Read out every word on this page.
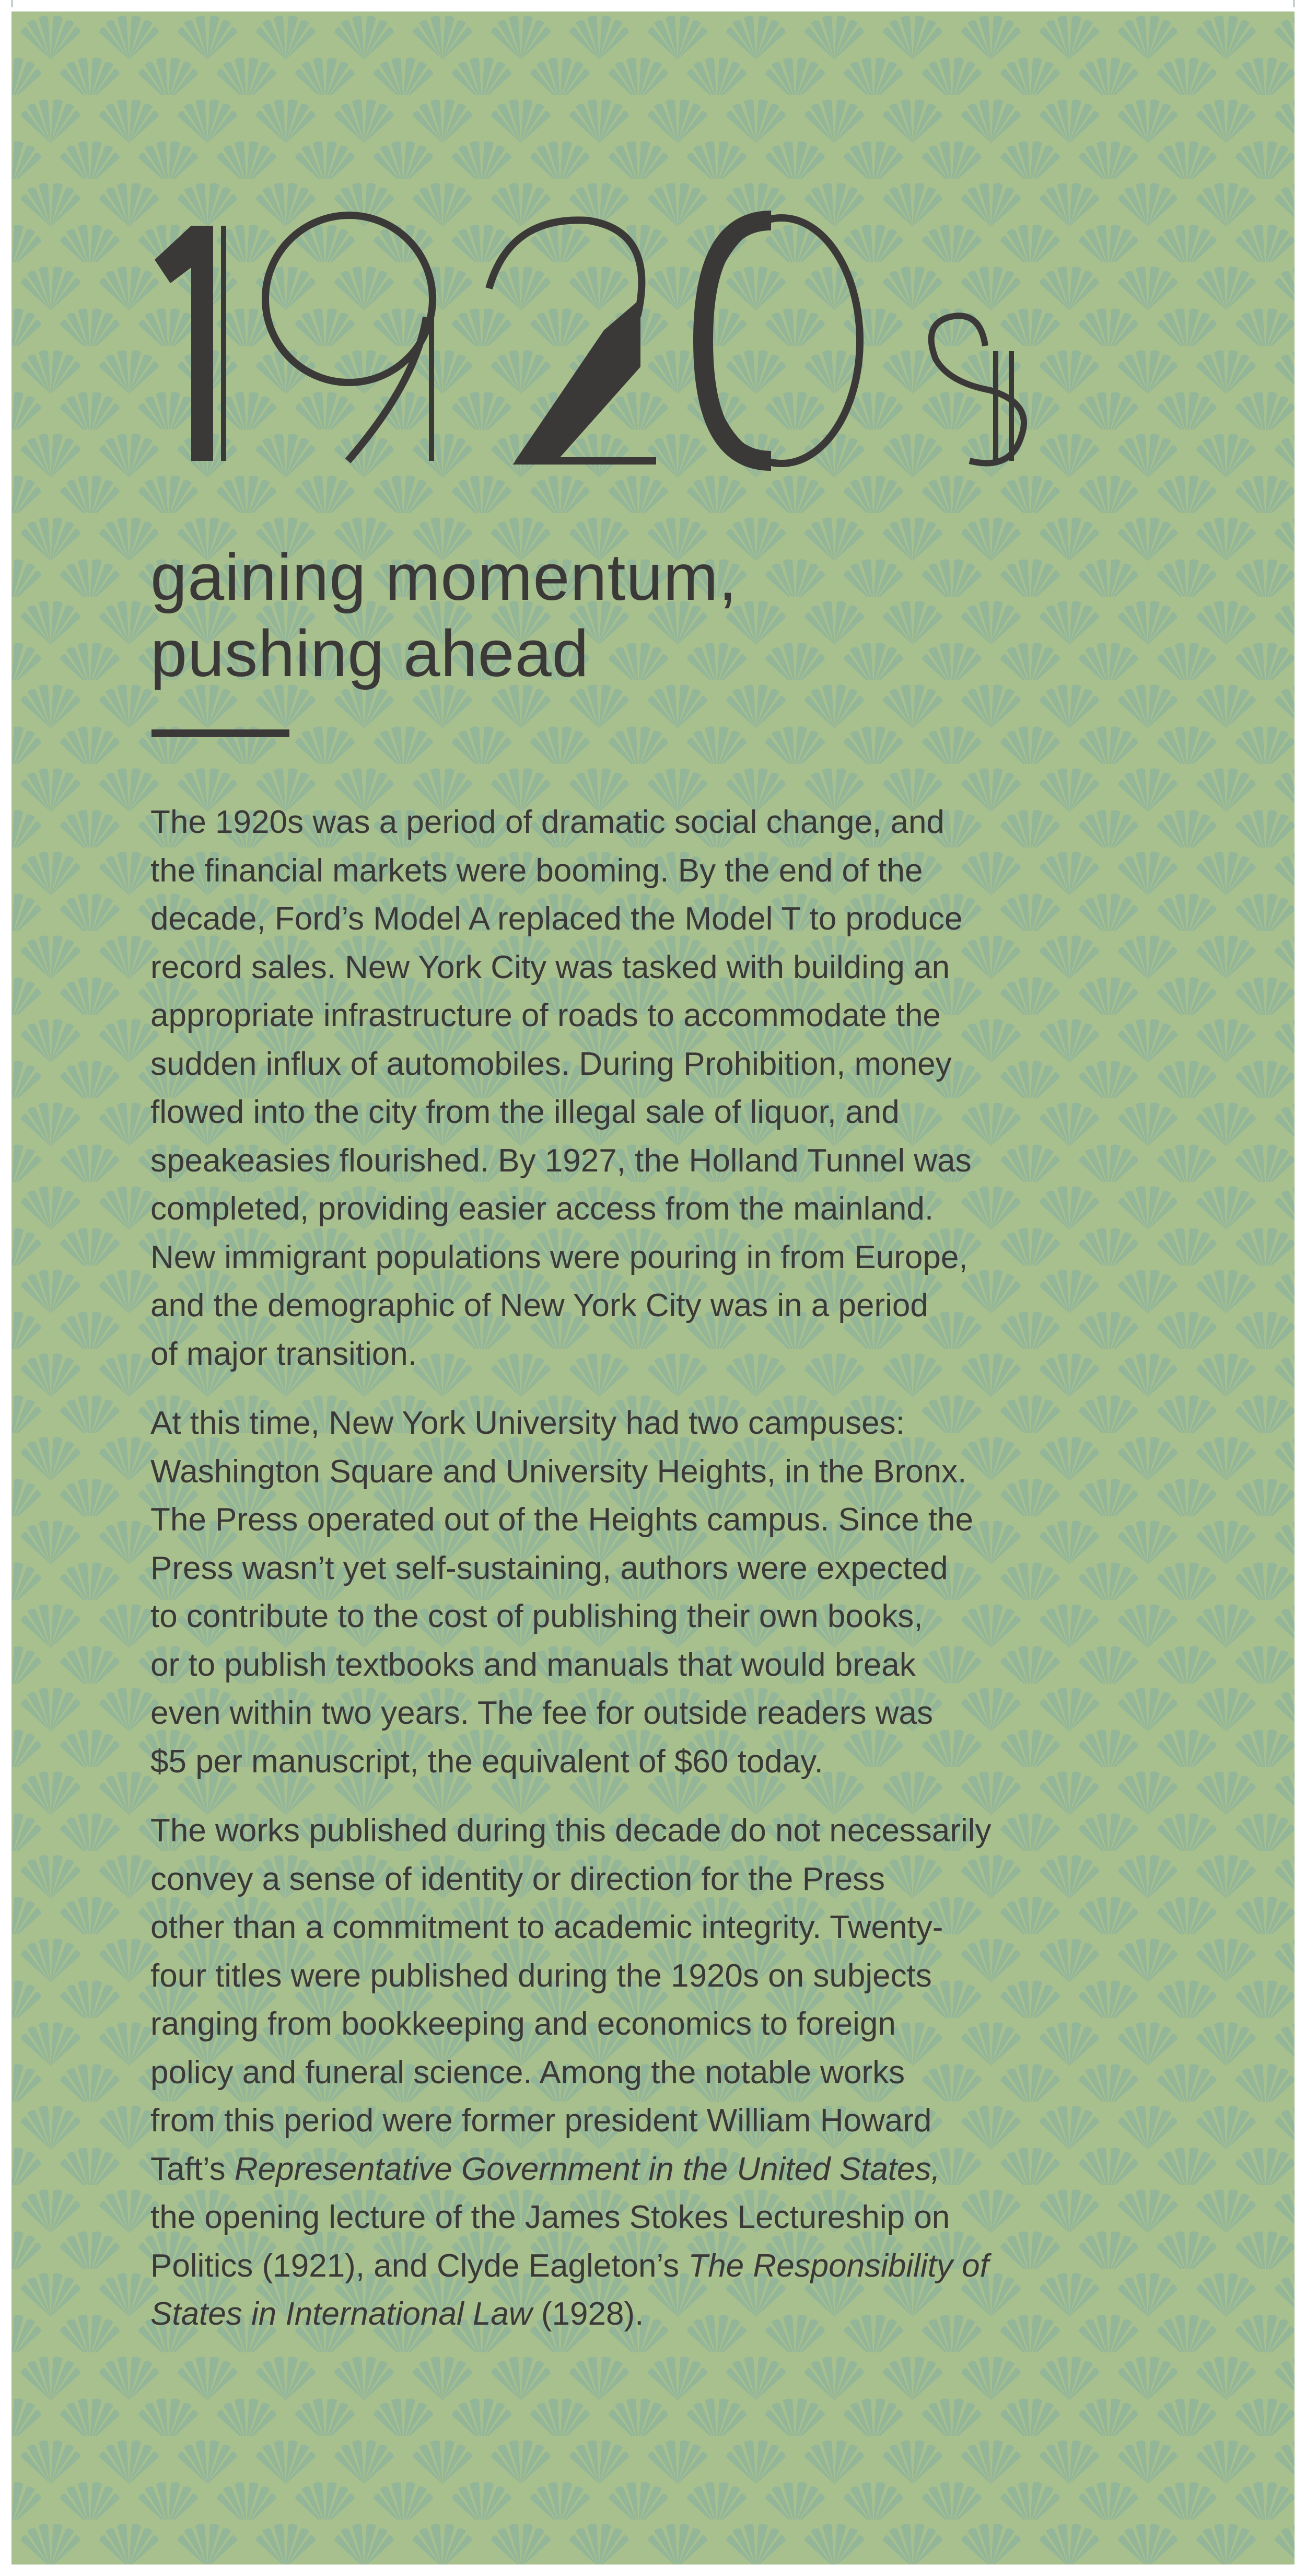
gaining momentum,
pushing ahead

The 1920s was a period of dramatic social change, and
the financial markets were booming. By the end of the
decade, Ford’s Model A replaced the Model T to produce
record sales. New York City was tasked with building an
appropriate infrastructure of roads to accommodate the
sudden influx of automobiles. During Prohibition, money
flowed into the city from the illegal sale of liquor, and
speakeasies flourished. By 1927, the Holland Tunnel was
completed, providing easier access from the mainland.
New immigrant populations were pouring in from Europe,
and the demographic of New York City was in a period
of major transition.

At this time, New York University had two campuses:
Washington Square and University Heights, in the Bronx.
The Press operated out of the Heights campus. Since the
Press wasn’t yet self-sustaining, authors were expected
to contribute to the cost of publishing their own books,
or to publish textbooks and manuals that would break
even within two years. The fee for outside readers was
$5 per manuscript, the equivalent of $60 today.

The works published during this decade do not necessarily
convey a sense of identity or direction for the Press
other than a commitment to academic integrity. Twenty-
four titles were published during the 1920s on subjects
ranging from bookkeeping and economics to foreign
policy and funeral science. Among the notable works
from this period were former president William Howard
Taft’s Representative Government in the United States,
the opening lecture of the James Stokes Lectureship on
Politics (1921), and Clyde Eagleton’s The Responsibility of
States in International Law (1928).
